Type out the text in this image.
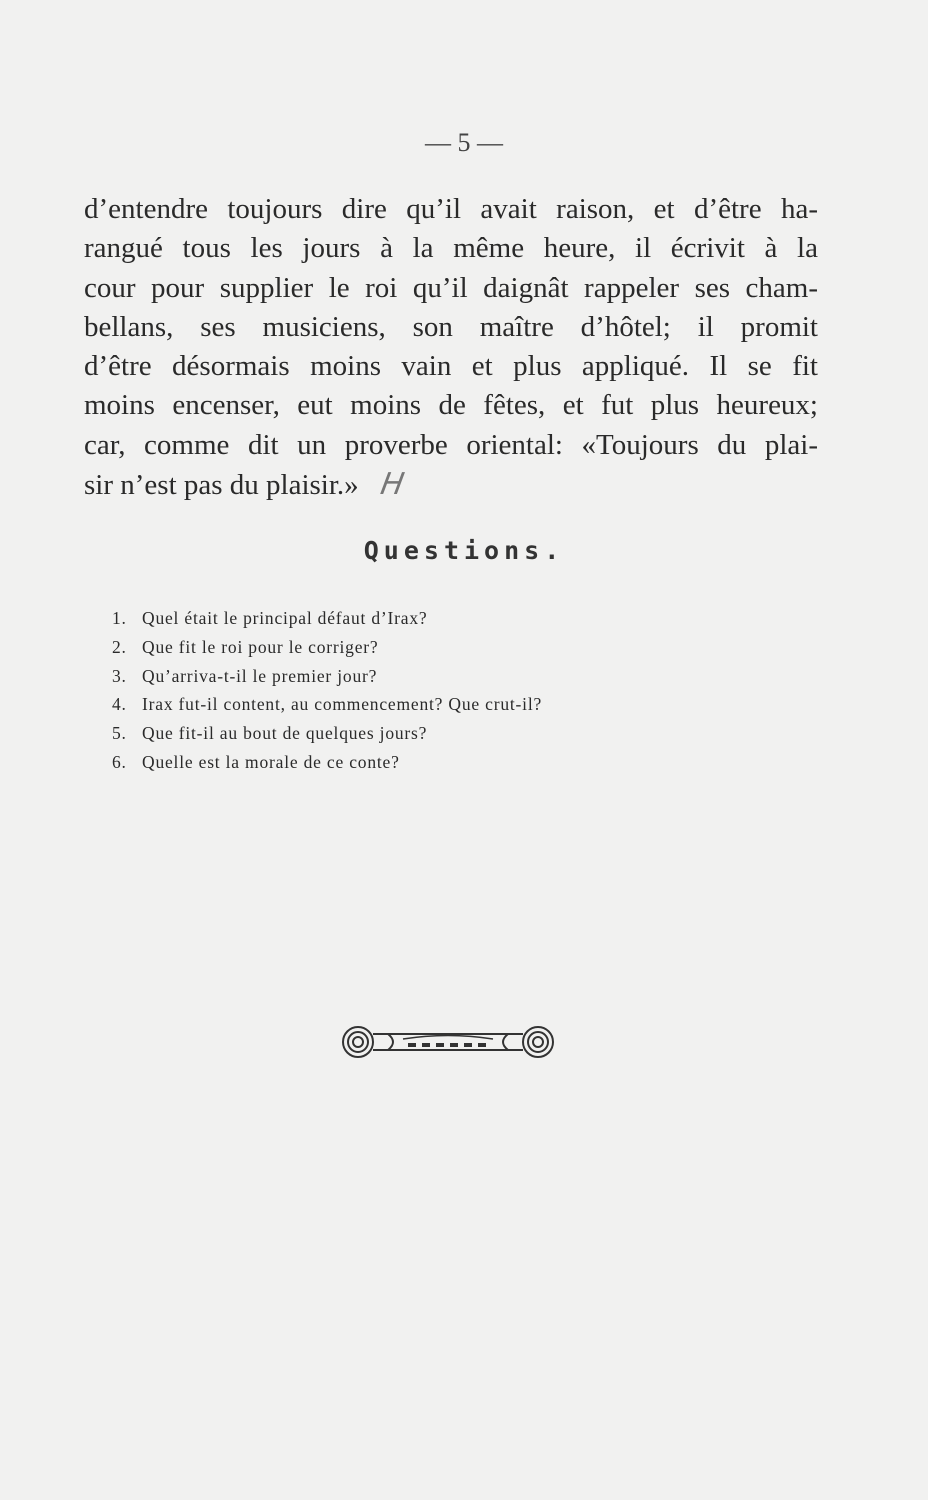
— 5 —
d’entendre toujours dire qu’il avait raison, et d’être ha-
rangué tous les jours à la même heure, il écrivit à la
cour pour supplier le roi qu’il daignât rappeler ses cham-
bellans, ses musiciens, son maître d’hôtel; il promit
d’être désormais moins vain et plus appliqué. Il se fit
moins encenser, eut moins de fêtes, et fut plus heureux;
car, comme dit un proverbe oriental: «Toujours du plai-
sir n’est pas du plaisir.» H
Questions.
1. Quel était le principal défaut d’Irax?
2. Que fit le roi pour le corriger?
3. Qu’arriva-t-il le premier jour?
4. Irax fut-il content, au commencement? Que crut-il?
5. Que fit-il au bout de quelques jours?
6. Quelle est la morale de ce conte?
